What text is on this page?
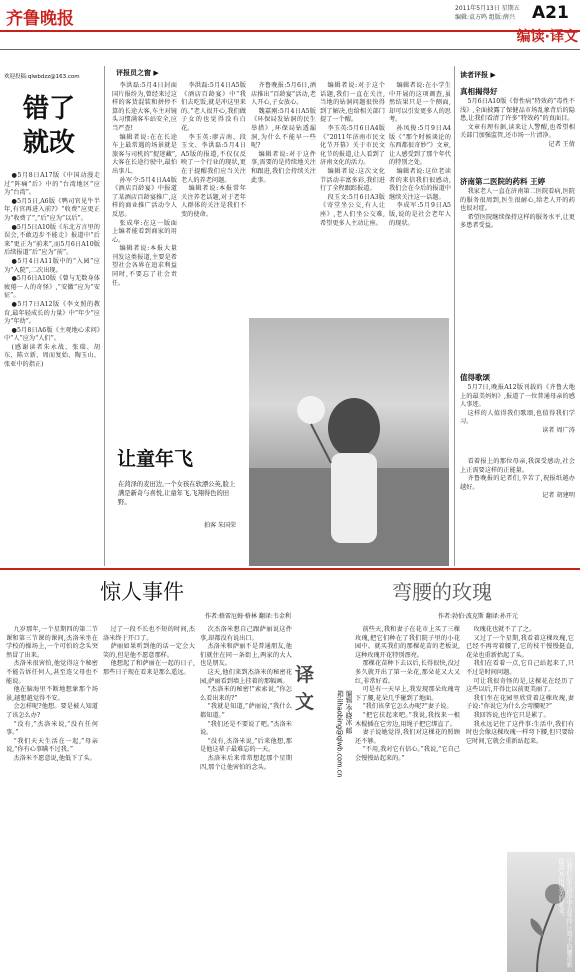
齐鲁晚报
2011年5月13日 星期五
编辑:袁方鸣 组版:薛兴	A21
编读·译文
欢迎投稿:qlwbdzz@163.com
错了就改

●5月8日A17版《中国动漫走过“阵痛”后》中的“台湾地区”应为“台湾”。

●5月5日,A6版《鸭司官见牛半年,有官再进入前?》“收费”应更正为“收费了”,“后”应为“以后”。

●5月5日A10版《东北方言里的误会,不敢迈步不能走》报道中“后来”更正为“前来”,而5月6日A10版后续报道“后”应为“前”。

●5月4日A11版中的“入园”应为“入院”,二次出现。

●5月6日A10版《曾与无数身体疲倦一人的奇怪》,“安徽”应为“安征”。

●5月7日A12版《李文照的教育,最年轻成长的力量》中“年少”应为“年幼”。

●5月8日A6版《主观地心求问》中“人”应为“人们”。

(感谢读者朱永战、张瑞、胡东、陈立新、周而复始、陶玉山、张亚中的指正)

评报员之窗 ▶

李洪磊:5月4日封面国片报纷为,曾经来过这样的客货混装和拼停不算的长途大客,车主对镜头习惯满客车站安全,应当严查!

编辑者说:在在长途车上最常遇的场景就是旅客与司机的“捉迷藏”,大客在长途行驶中,最怕出事儿。

孙军令:5月4日A4版《酒店百龄宴》中报道了某酒店百龄宴推广,这样的商业推广活动令人反思。

张成华:在这一版面上编者能看到商家的用心。

编辑者说:本报大量刊发这类报道,主要是希望社会各界在追求利益同时,不要忘了社会责任。

李洪磊:5月4日A5版《酒店百龄宴》中“我们去吃饭,就是冲这里来的。”老人很开心,我们做子女的也觉得没有白花。

李玉英:廖吉南、段玉文、李洪磊:5月4日A5版的报道,不仅仅反映了一个行业的现状,更在于提醒我们应当关注老人的养老问题。

编辑者说:本报常年关注养老话题,对于老年人群体的关注是我们不变的使命。

齐鲁晚报:5月6日,酒店推出“百龄宴”活动,老人开心,子女放心。

魏嘉刚:5月4日A5版《环保局发钻洞的民生举措》,环保局钻透漏洞,为什么不能早一些呢?

编辑者说:对于这件事,需要的是持续地关注和跟进,我们会持续关注此事。

编辑者说:对于这个话题,我们一直在关注,当地的钻洞问题很快得到了解决,也给相关部门提了一个醒。

李玉英:5月6日A4版《“2011年济南市民文化节开幕》关于市民文化节的报道,让人看到了济南文化的活力。

编辑者说:这次文化节活动丰富多彩,我们进行了全程跟踪报道。

段玉文:5月6日A3版《寄堂坐公交,有人让座》,老人们坐公交难,希望更多人主动让座。

编辑者说:在小学生中开展的这项调查,虽然结果只是一个侧面,却可以引发更多人的思考。

孙凤俊:5月9日A4版《“那个时候谈论的东西都很奇妙”》文章,让人感受到了那个年代的特别之处。

编辑者说:这位老读者的来信我们很感动,我们会在今后的报道中继续关注这一话题。

李成军:5月9日A5版,说的是社会老年人的现状。

让童年飞
在菏泽的麦田边,一个女孩在软漂公英,脸上满是新奇与喜悦,让童年飞,飞翔得色的田野。
拍客 朱国荣
读者评报 ▶
真相揭得好

5月6日A10版《骨性病“特效药”毒性不浅》,全面披露了保健品市场乱象背后的隐患,让我们看清了许多“特效药”的真面目。

文章有理有据,读来让人警醒,也希望相关部门加强监管,还市场一片清净。

记者 王倩

济南第二医院的药料 王婷

我家老人一直在济南第二医院看病,医院的服务很周到,医生很耐心,给老人开的药也很对症。

希望医院继续保持这样的服务水平,让更多患者受益。

值得歌颂

5月7日,晚报A12版刊载的《齐鲁大地上的最美妈妈》,报道了一位普通母亲的感人事迹。

这样的人值得我们歌颂,也值得我们学习。

读者 周广涛

看着报上的那位母亲,我深受感动,社会上正需要这样的正能量。

齐鲁晚报的记者们,辛苦了,祝报纸越办越好。

记者 胡建明

惊人事件	弯腰的玫瑰
作者:格雷厄姆·格林 翻译:韦金利	作者:勃伯·波克斯 翻译:孙开元

九岁那年,一个星期四的第二节课和第三节课的课间,杰洛米坐在学校的操场上,一个可怕的念头突然冒了出来。

杰洛米很害怕,他觉得这个秘密不能告诉任何人,甚至连父母也不能说。

他在脑海里不断地想象那个场景,越想越觉得不安。

会怎样呢?他想。要是被人知道了该怎么办?

“没有,”杰洛米说,“没有任何事。”

“我们天天生活在一起,”母亲说,“你有心事瞒不过我。”

杰洛米不愿意说,他低下了头。

过了一段不长也不短的时间,杰洛米终于开口了。

萨丽如果听到他的话一定会大笑的,但是他不愿意那样。

他想起了和萨丽在一起的日子,那些日子现在看来是那么遥远。

次杰洛米想自己跟萨丽说这件事,却都没有说出口。

杰洛米和萨丽不是普通朋友,他们就住在同一条街上,两家的大人也是朋友。

这天,他们来到杰洛米的秘密花园,萨丽看到墙上挂着的那幅画。

“杰洛米的秘密!”索索说,“你怎么看出来的?”

“我就是知道,”萨丽说,“我什么都知道。”

“我们还是不要说了吧。”杰洛米说。

“没有,杰洛米说,”后来他想,那是他这辈子最难忘的一天。

杰洛米后来常常想起那个星期四,那个让他害怕的念头。

译文	编辑:李晓冰 邮箱:lihaobing@qlwb.com.cn

前些天,我和妻子在花市上买了三棵玫瑰,把它们种在了我们院子里的小花园中。就买我们的那棵花苗的老板说,这种玫瑰开花特别漂亮。

那棵花苗种下去以后,长得很快,没过多久就开出了第一朵花,那朵花又大又红,非常好看。

可是有一天早上,我发现那朵玫瑰弯下了腰,花朵几乎碰到了地面。

“我们该拿它怎么办呢?”妻子说。

“把它扶起来吧。”我说,我找来一根木棍插在它旁边,用绳子把它绑直了。

妻子说她觉得,我们对这棵花的照顾还不够。

“不用,我对它有信心。”我说,“它自己会慢慢站起来的。”

玫瑰花也就不了了之。

又过了一个星期,我看着这棵玫瑰,它已经不再弯着腰了,它的枝干慢慢挺直,花朵也重新抬起了头。

我们在看着一点,它自己站起来了,只不过是时间问题。

可让我很奇怪的是,这棵花在经历了这些以后,开得比以前更美丽了。

我们坐在花园里欣赏着这棵玫瑰,妻子说:“你说它为什么会弯腰呢?”

我回答说,也许它只是累了。

我永远记住了这件事:生活中,我们有时也会像这棵玫瑰一样弯下腰,但只要给它时间,它就会重新站起来。

让我们在生活中学会等待,让弯下的腰重新挺直,开出更美的花朵。
